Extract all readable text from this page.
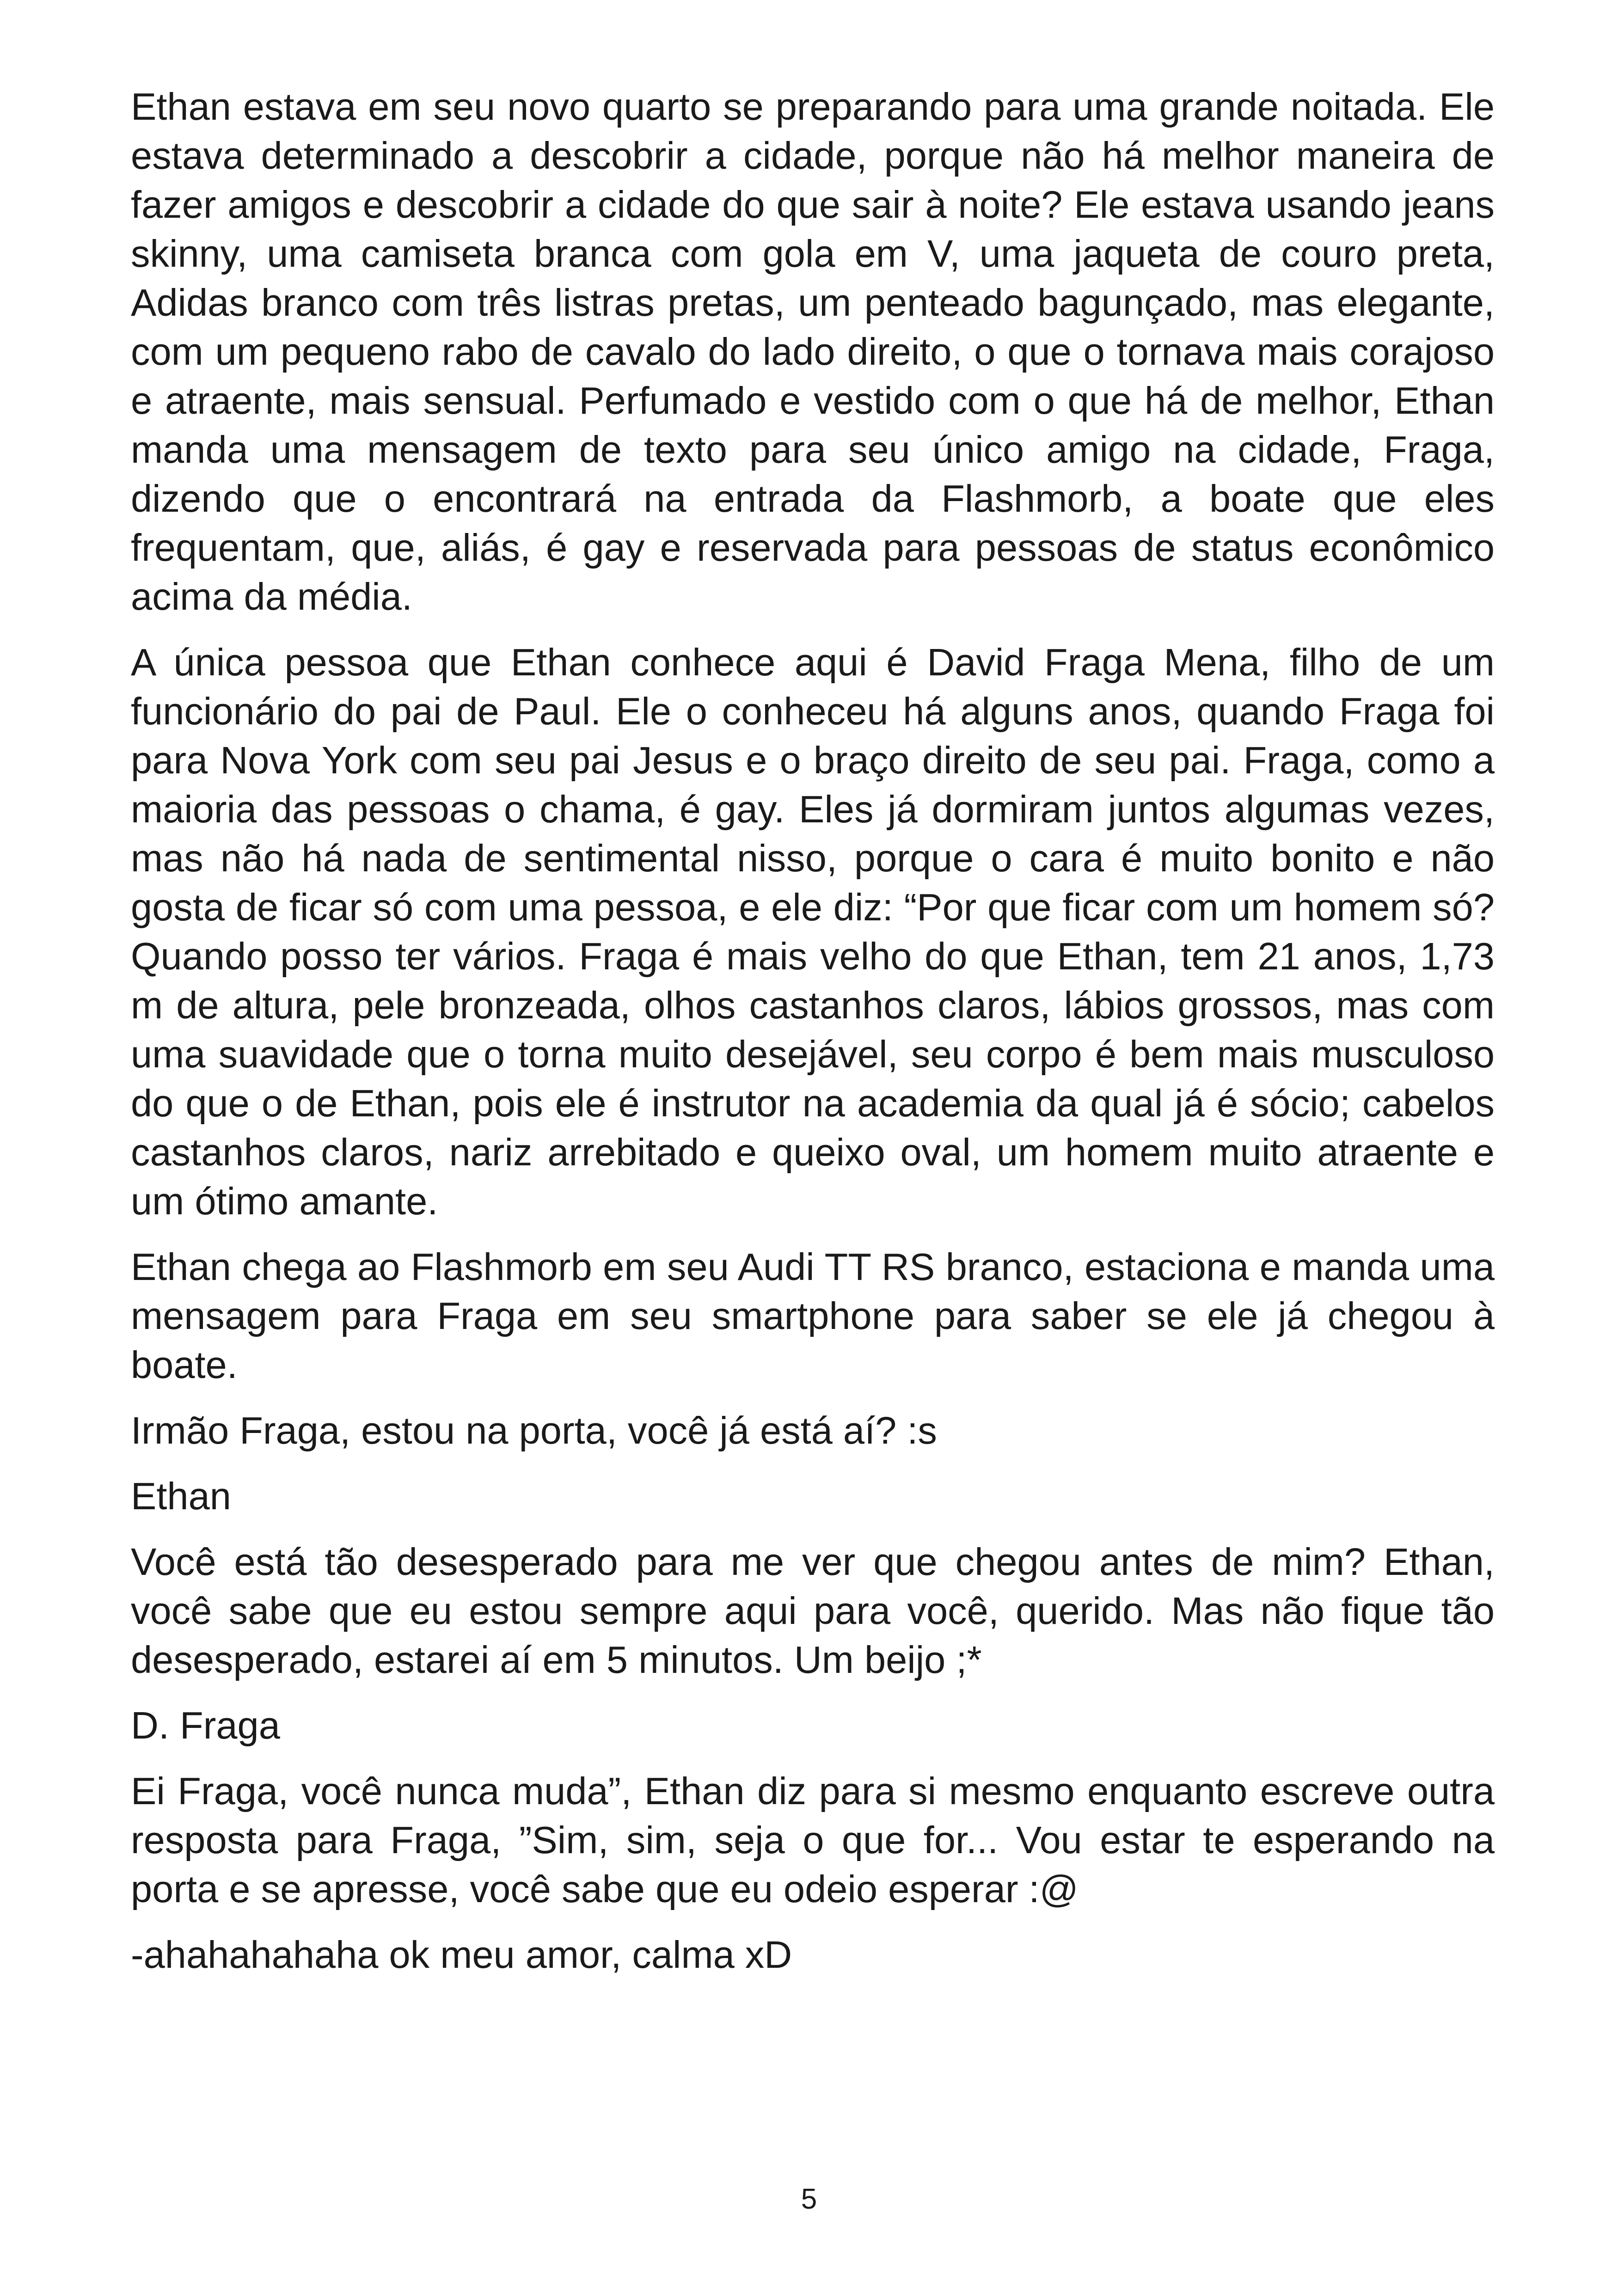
Ethan estava em seu novo quarto se preparando para uma grande noitada. Ele estava determinado a descobrir a cidade, porque não há melhor maneira de fazer amigos e descobrir a cidade do que sair à noite? Ele estava usando jeans skinny, uma camiseta branca com gola em V, uma jaqueta de couro preta, Adidas branco com três listras pretas, um penteado bagunçado, mas elegante, com um pequeno rabo de cavalo do lado direito, o que o tornava mais corajoso e atraente, mais sensual. Perfumado e vestido com o que há de melhor, Ethan manda uma mensagem de texto para seu único amigo na cidade, Fraga, dizendo que o encontrará na entrada da Flashmorb, a boate que eles frequentam, que, aliás, é gay e reservada para pessoas de status econômico acima da média.

A única pessoa que Ethan conhece aqui é David Fraga Mena, filho de um funcionário do pai de Paul. Ele o conheceu há alguns anos, quando Fraga foi para Nova York com seu pai Jesus e o braço direito de seu pai. Fraga, como a maioria das pessoas o chama, é gay. Eles já dormiram juntos algumas vezes, mas não há nada de sentimental nisso, porque o cara é muito bonito e não gosta de ficar só com uma pessoa, e ele diz: “Por que ficar com um homem só? Quando posso ter vários. Fraga é mais velho do que Ethan, tem 21 anos, 1,73 m de altura, pele bronzeada, olhos castanhos claros, lábios grossos, mas com uma suavidade que o torna muito desejável, seu corpo é bem mais musculoso do que o de Ethan, pois ele é instrutor na academia da qual já é sócio; cabelos castanhos claros, nariz arrebitado e queixo oval, um homem muito atraente e um ótimo amante.

Ethan chega ao Flashmorb em seu Audi TT RS branco, estaciona e manda uma mensagem para Fraga em seu smartphone para saber se ele já chegou à boate.

Irmão Fraga, estou na porta, você já está aí? :s

Ethan

Você está tão desesperado para me ver que chegou antes de mim? Ethan, você sabe que eu estou sempre aqui para você, querido. Mas não fique tão desesperado, estarei aí em 5 minutos. Um beijo ;*

D. Fraga

Ei Fraga, você nunca muda”, Ethan diz para si mesmo enquanto escreve outra resposta para Fraga, ”Sim, sim, seja o que for... Vou estar te esperando na porta e se apresse, você sabe que eu odeio esperar :@

-ahahahahaha ok meu amor, calma xD

5
